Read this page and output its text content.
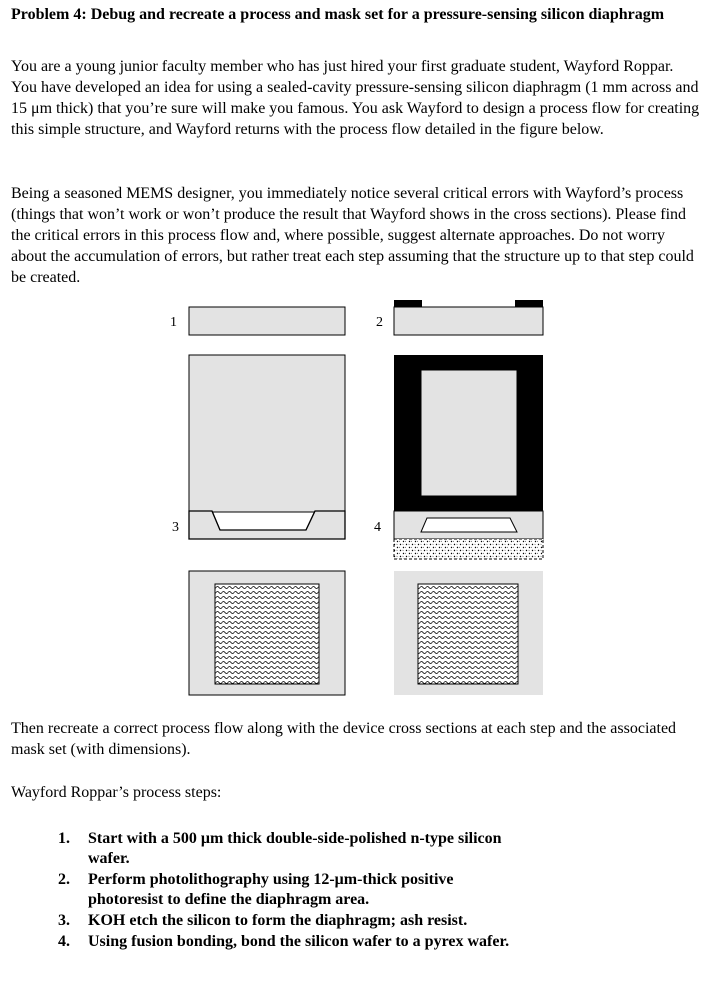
Problem 4: Debug and recreate a process and mask set for a pressure-sensing silicon diaphragm
You are a young junior faculty member who has just hired your first graduate student, Wayford Roppar. You have developed an idea for using a sealed-cavity pressure-sensing silicon diaphragm (1 mm across and 15 μm thick) that you’re sure will make you famous. You ask Wayford to design a process flow for creating this simple structure, and Wayford returns with the process flow detailed in the figure below.
Being a seasoned MEMS designer, you immediately notice several critical errors with Wayford’s process (things that won’t work or won’t produce the result that Wayford shows in the cross sections). Please find the critical errors in this process flow and, where possible, suggest alternate approaches. Do not worry about the accumulation of errors, but rather treat each step assuming that the structure up to that step could be created.
1	2
3	4
Then recreate a correct process flow along with the device cross sections at each step and the associated mask set (with dimensions).
Wayford Roppar’s process steps:
1. Start with a 500 μm thick double-side-polished n-type silicon wafer.
2. Perform photolithography using 12-μm-thick positive photoresist to define the diaphragm area.
3. KOH etch the silicon to form the diaphragm; ash resist.
4. Using fusion bonding, bond the silicon wafer to a pyrex wafer.
